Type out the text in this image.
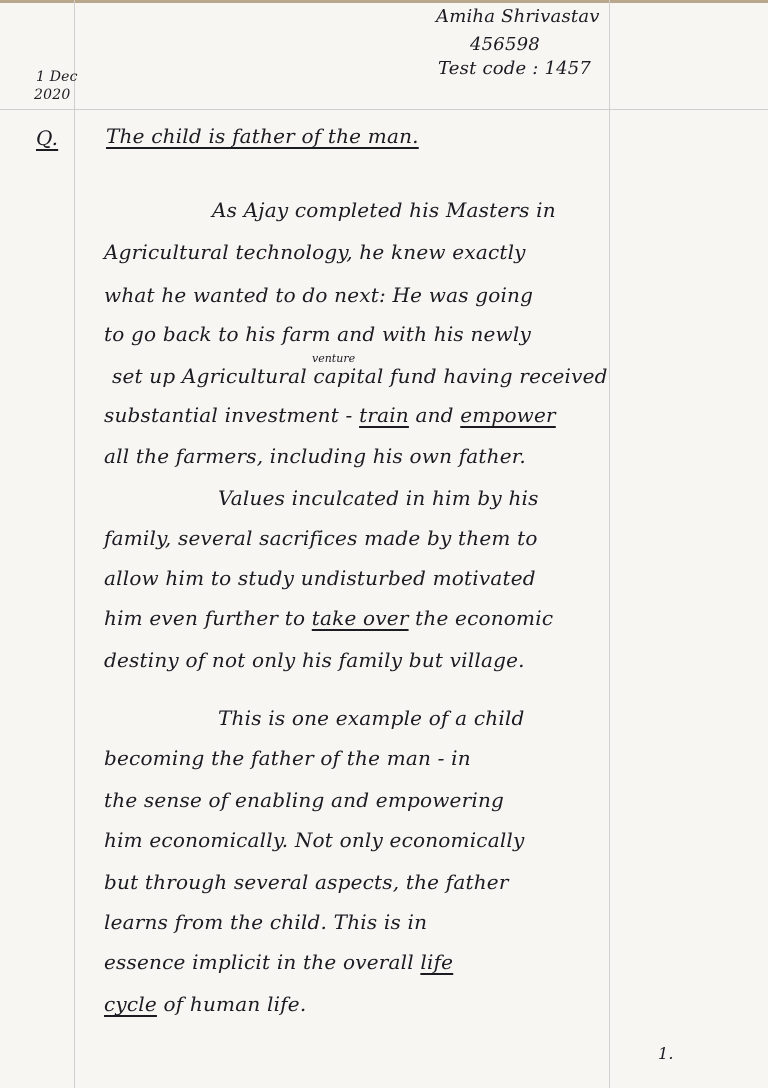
Amiha Shrivastav
456598
Test code : 1457
1 Dec
2020
Q. The child is father of the man.
As Ajay completed his Masters in
Agricultural technology, he knew exactly
what he wanted to do next: He was going
to go back to his farm and with his newly
set up Agricultural capital fund having received
venture
substantial investment - train and empower
all the farmers, including his own father.
Values inculcated in him by his
family, several sacrifices made by them to
allow him to study undisturbed motivated
him even further to take over the economic
destiny of not only his family but village.
This is one example of a child
becoming the father of the man - in
the sense of enabling and empowering
him economically. Not only economically
but through several aspects, the father
learns from the child. This is in
essence implicit in the overall life
cycle of human life.
1.
